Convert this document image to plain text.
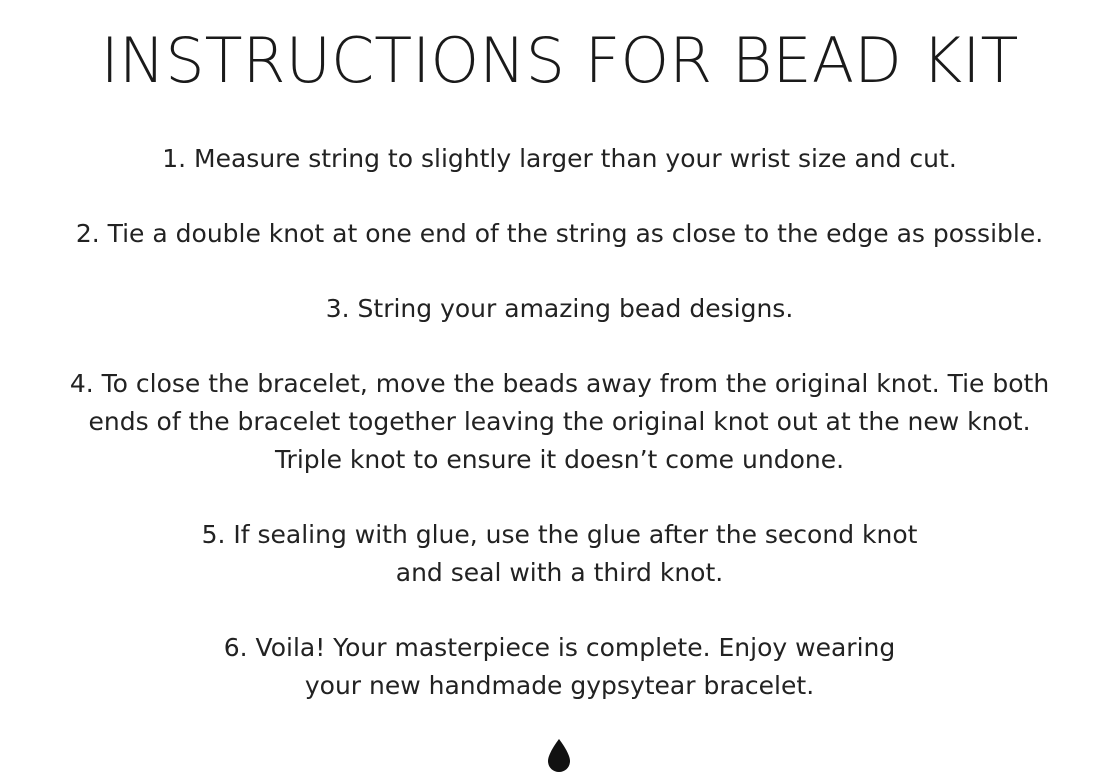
INSTRUCTIONS FOR BEAD KIT
1. Measure string to slightly larger than your wrist size and cut.
2. Tie a double knot at one end of the string as close to the edge as possible.
3. String your amazing bead designs.
4. To close the bracelet, move the beads away from the original knot. Tie both
ends of the bracelet together leaving the original knot out at the new knot.
Triple knot to ensure it doesn’t come undone.
5. If sealing with glue, use the glue after the second knot
and seal with a third knot.
6. Voila! Your masterpiece is complete. Enjoy wearing
your new handmade gypsytear bracelet.
